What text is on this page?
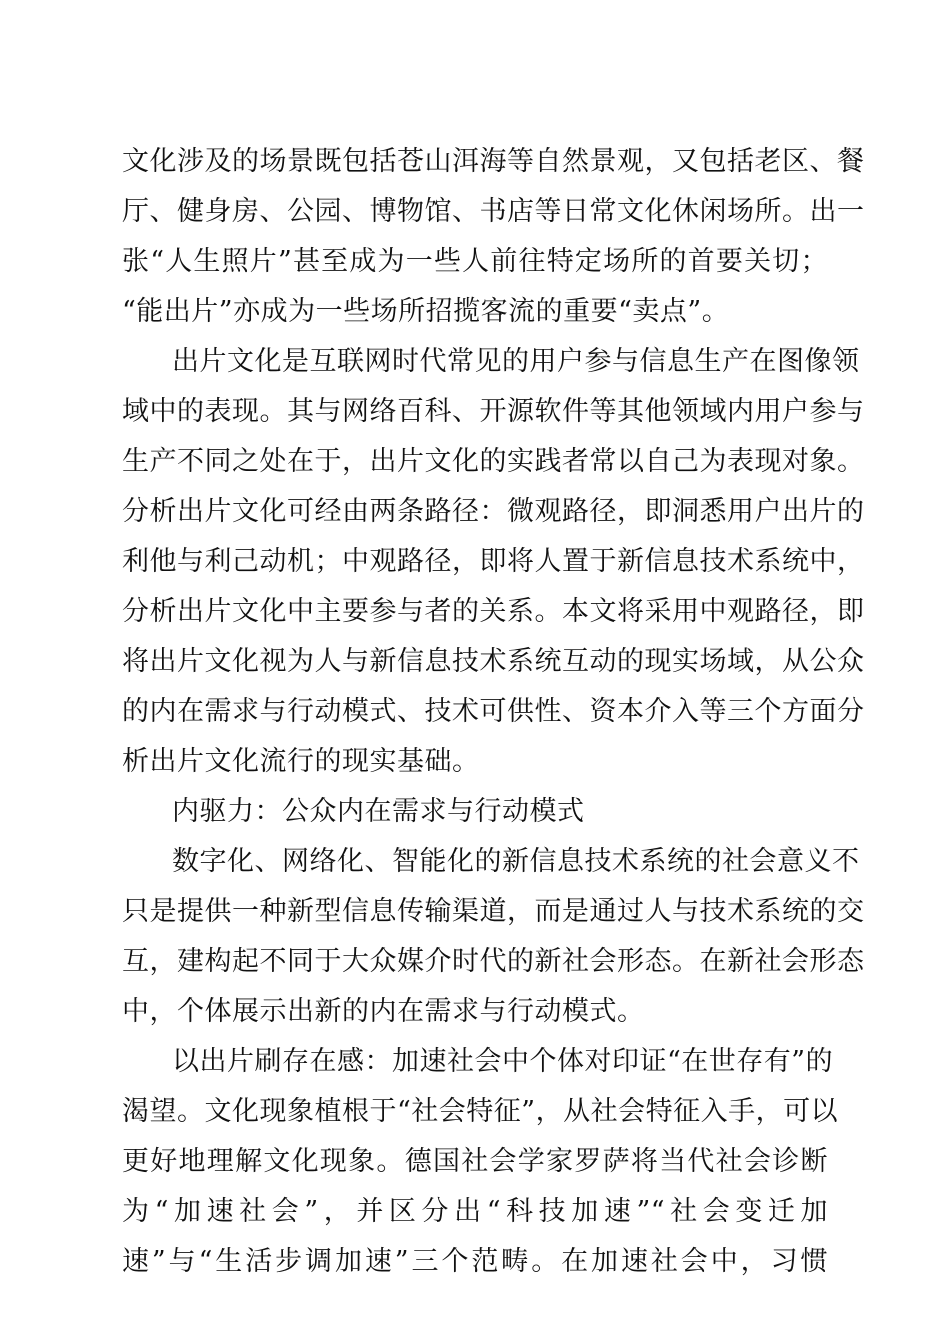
文化涉及的场景既包括苍山洱海等自然景观，又包括老区、餐
厅、健身房、公园、博物馆、书店等日常文化休闲场所。出一
张“人生照片”甚至成为一些人前往特定场所的首要关切；
“能出片”亦成为一些场所招揽客流的重要“卖点”。
出片文化是互联网时代常见的用户参与信息生产在图像领
域中的表现。其与网络百科、开源软件等其他领域内用户参与
生产不同之处在于，出片文化的实践者常以自己为表现对象。
分析出片文化可经由两条路径：微观路径，即洞悉用户出片的
利他与利己动机；中观路径，即将人置于新信息技术系统中，
分析出片文化中主要参与者的关系。本文将采用中观路径，即
将出片文化视为人与新信息技术系统互动的现实场域，从公众
的内在需求与行动模式、技术可供性、资本介入等三个方面分
析出片文化流行的现实基础。
内驱力：公众内在需求与行动模式
数字化、网络化、智能化的新信息技术系统的社会意义不
只是提供一种新型信息传输渠道，而是通过人与技术系统的交
互，建构起不同于大众媒介时代的新社会形态。在新社会形态
中，个体展示出新的内在需求与行动模式。
以出片刷存在感：加速社会中个体对印证“在世存有”的
渴望。文化现象植根于“社会特征”，从社会特征入手，可以
更好地理解文化现象。德国社会学家罗萨将当代社会诊断
为“加速社会”，并区分出“科技加速”“社会变迁加
速”与“生活步调加速”三个范畴。在加速社会中，习惯
